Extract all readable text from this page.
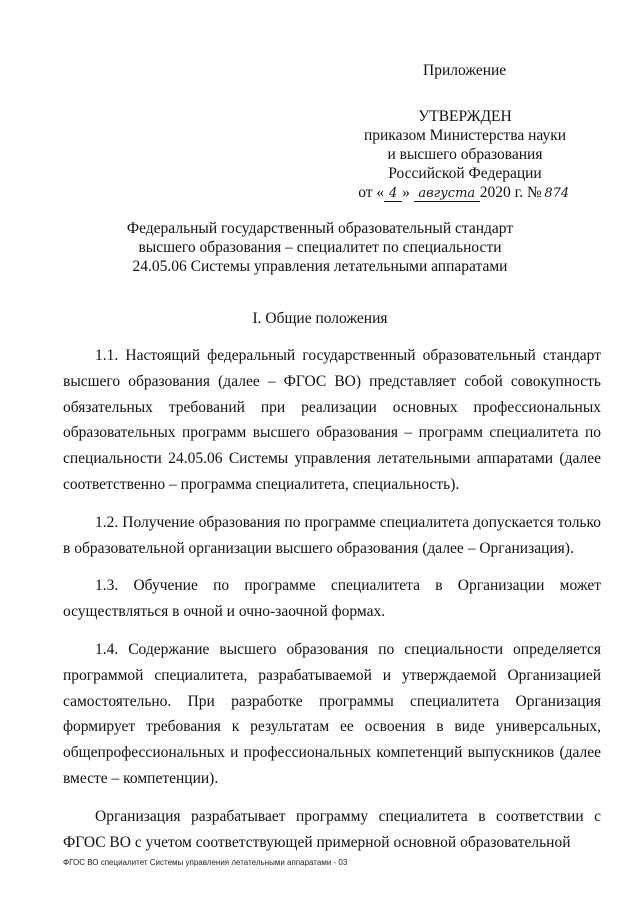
Приложение
УТВЕРЖДЕН
приказом Министерства науки
и высшего образования
Российской Федерации
от « 4 » августа 2020 г. № 874
Федеральный государственный образовательный стандарт
высшего образования – специалитет по специальности
24.05.06 Системы управления летательными аппаратами
I. Общие положения

1.1. Настоящий федеральный государственный образовательный стандарт высшего образования (далее – ФГОС ВО) представляет собой совокупность обязательных требований при реализации основных профессиональных образовательных программ высшего образования – программ специалитета по специальности 24.05.06 Системы управления летательными аппаратами (далее соответственно – программа специалитета, специальность).

1.2. Получение образования по программе специалитета допускается только в образовательной организации высшего образования (далее – Организация).

1.3. Обучение по программе специалитета в Организации может осуществляться в очной и очно-заочной формах.

1.4. Содержание высшего образования по специальности определяется программой специалитета, разрабатываемой и утверждаемой Организацией самостоятельно. При разработке программы специалитета Организация формирует требования к результатам ее освоения в виде универсальных, общепрофессиональных и профессиональных компетенций выпускников (далее вместе – компетенции).

Организация разрабатывает программу специалитета в соответствии с ФГОС ВО с учетом соответствующей примерной основной образовательной

ФГОС ВО специалитет Системы управления летательными аппаратами - 03
